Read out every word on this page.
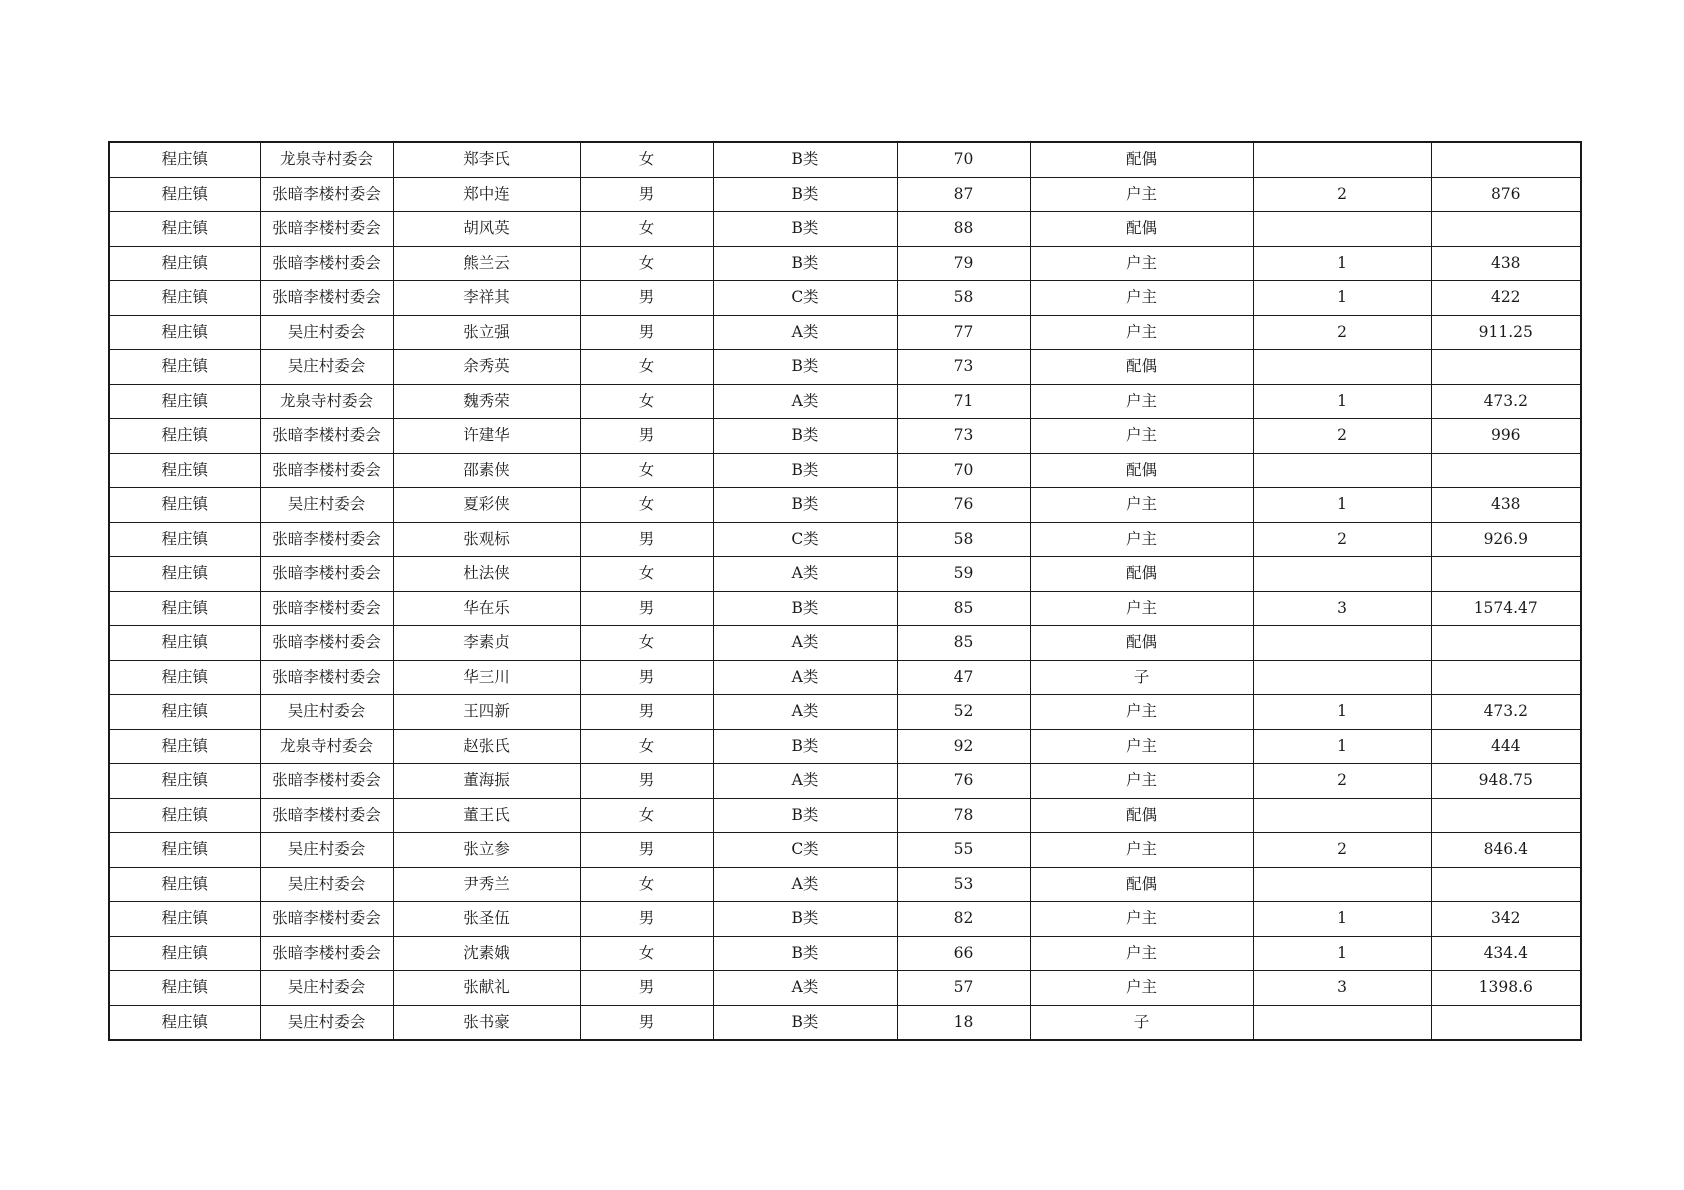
程庄镇	龙泉寺村委会	郑李氏	女	B类	70	配偶		
程庄镇	张暗李楼村委会	郑中连	男	B类	87	户主	2	876
程庄镇	张暗李楼村委会	胡风英	女	B类	88	配偶		
程庄镇	张暗李楼村委会	熊兰云	女	B类	79	户主	1	438
程庄镇	张暗李楼村委会	李祥其	男	C类	58	户主	1	422
程庄镇	吴庄村委会	张立强	男	A类	77	户主	2	911.25
程庄镇	吴庄村委会	余秀英	女	B类	73	配偶		
程庄镇	龙泉寺村委会	魏秀荣	女	A类	71	户主	1	473.2
程庄镇	张暗李楼村委会	许建华	男	B类	73	户主	2	996
程庄镇	张暗李楼村委会	邵素侠	女	B类	70	配偶		
程庄镇	吴庄村委会	夏彩侠	女	B类	76	户主	1	438
程庄镇	张暗李楼村委会	张观标	男	C类	58	户主	2	926.9
程庄镇	张暗李楼村委会	杜法侠	女	A类	59	配偶		
程庄镇	张暗李楼村委会	华在乐	男	B类	85	户主	3	1574.47
程庄镇	张暗李楼村委会	李素贞	女	A类	85	配偶		
程庄镇	张暗李楼村委会	华三川	男	A类	47	子		
程庄镇	吴庄村委会	王四新	男	A类	52	户主	1	473.2
程庄镇	龙泉寺村委会	赵张氏	女	B类	92	户主	1	444
程庄镇	张暗李楼村委会	董海振	男	A类	76	户主	2	948.75
程庄镇	张暗李楼村委会	董王氏	女	B类	78	配偶		
程庄镇	吴庄村委会	张立参	男	C类	55	户主	2	846.4
程庄镇	吴庄村委会	尹秀兰	女	A类	53	配偶		
程庄镇	张暗李楼村委会	张圣伍	男	B类	82	户主	1	342
程庄镇	张暗李楼村委会	沈素娥	女	B类	66	户主	1	434.4
程庄镇	吴庄村委会	张献礼	男	A类	57	户主	3	1398.6
程庄镇	吴庄村委会	张书豪	男	B类	18	子		
